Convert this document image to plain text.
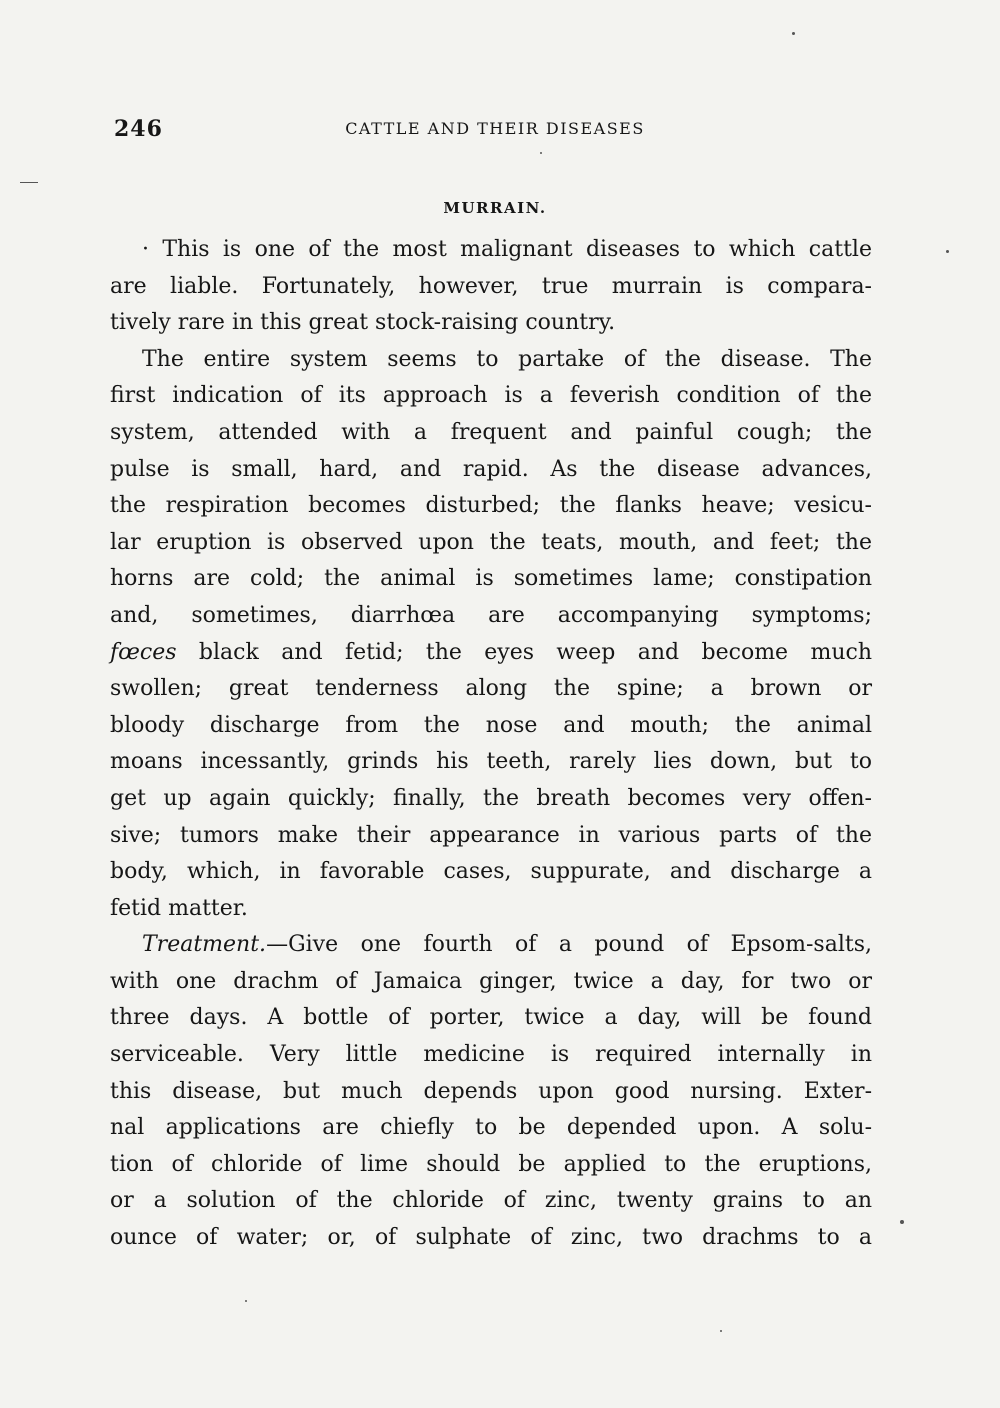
246	CATTLE AND THEIR DISEASES
MURRAIN.
· This is one of the most malignant diseases to which cattle
are liable. Fortunately, however, true murrain is compara-
tively rare in this great stock-raising country.
The entire system seems to partake of the disease. The
first indication of its approach is a feverish condition of the
system, attended with a frequent and painful cough; the
pulse is small, hard, and rapid. As the disease advances,
the respiration becomes disturbed; the flanks heave; vesicu-
lar eruption is observed upon the teats, mouth, and feet; the
horns are cold; the animal is sometimes lame; constipation
and, sometimes, diarrhœa are accompanying symptoms;
fœces black and fetid; the eyes weep and become much
swollen; great tenderness along the spine; a brown or
bloody discharge from the nose and mouth; the animal
moans incessantly, grinds his teeth, rarely lies down, but to
get up again quickly; finally, the breath becomes very offen-
sive; tumors make their appearance in various parts of the
body, which, in favorable cases, suppurate, and discharge a
fetid matter.
Treatment.—Give one fourth of a pound of Epsom-salts,
with one drachm of Jamaica ginger, twice a day, for two or
three days. A bottle of porter, twice a day, will be found
serviceable. Very little medicine is required internally in
this disease, but much depends upon good nursing. Exter-
nal applications are chiefly to be depended upon. A solu-
tion of chloride of lime should be applied to the eruptions,
or a solution of the chloride of zinc, twenty grains to an
ounce of water; or, of sulphate of zinc, two drachms to a
